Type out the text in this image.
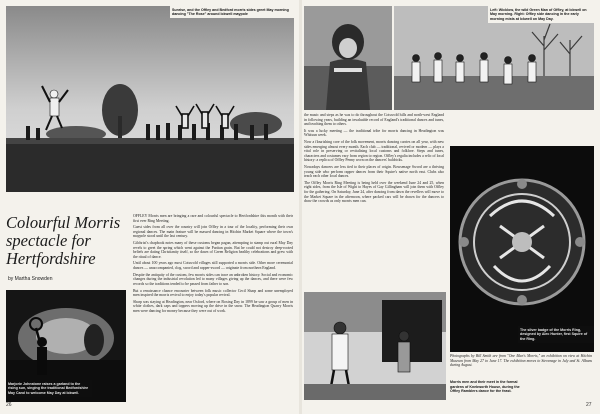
Sunrise, and the Offley and Bedford morris sides greet May morning dancing "The Rose" around Ickwell maypole
Colourful Morris spectacle for Hertfordshire
by Martha Snowden

OFFLEY Morris men are bringing a rare and colourful spectacle to Hertfordshire this month with their first ever Ring Meeting.

Guest sides from all over the country will join Offley in a tour of the locality, performing their own regional dances. The main feature will be massed dancing in Hitchin Market Square where the town's maypole stood until the last century.

Gilchrist's chapbook notes many of these customs began pagan, attempting to stamp out rural May Day revels to greet the spring which went against the Puritan grain. But he could not destroy deep-rooted beliefs are dating Christianity itself, so the dawn of Green Religion healthy celebrations and grew with the ritual of dance.

Until about 100 years ago most Cotswold villages still supported a morris side. Other more ceremonial dances — unaccompanied, clog, sword and rapper-sword — originate from northern England.

Despite the antiquity of the custom, few morris sides can trace an unbroken history. Social and economic changes during the industrial revolution led to many villages giving up the dances, and there were few records so the traditions tended to be passed from father to son.

But a renaissance chance encounter between folk music collector Cecil Sharp and some unemployed men inspired the morris revival to enjoy today's popular revival.

Sharp was staying at Headington, near Oxford, where on Boxing Day in 1899 he saw a group of men in white clothes, dark caps and toppers moving up the drive in the snow. The Headington Quarry Morris men were dancing for money because they were out of work.

Marjorie Johnstone raises a garland to the rising sun, singing the traditional Bedfordshire May Carol to welcome May Day at Ickwell.
26
Left: Wicklow, the wild Green Man of Offley, at Ickwell on May morning. Right: Offley side dancing in the early morning mists at Ickwell on May Day.

the music and steps as he was to do throughout the Cotswold hills and north-west England in following years, building an invaluable record of England's traditional dances and tunes, and teaching them to others.

It was a lucky meeting — the traditional tribe for morris dancing in Headington was Whitsun week.

Now a flourishing core of the folk movement, morris dancing carries on all year, with new sides emerging almost every month. Each club — traditional, revived or modern — plays a vital role in preserving or revitalising local customs and folklore. Steps and tunes, characters and costumes vary from region to region. Offley's regalia includes a relic of local history: a replica of Offley Penny worn on the dancers' baldricks.

Nowadays dancers are less tied to their places of origin. Bowsenage Sword are a thriving young side who perform rapper dances from their Squire's native north east. Clubs also teach each other local dances.

The Offley Morris Ring Meeting is being held over the weekend June 24 and 25, when eight sides, from the Isle of Wight to Hayes of Gay Gillingham will join them with Offley for the gathering. On Saturday, June 24, after dancing from dawn the revellers will move to the Market Square in the afternoon, where packed cars will be drawn for the dancers to draw the crowds as only morris men can.

The silver badge of the Morris Ring, designed by Alec Hunter, first Squire of the Ring.
Photographs by Bill Smith are from "One Man's Morris," an exhibition on view at Hitchin Museum from May 27 to June 17. The exhibition moves to Stevenage in July and St. Albans during August.
Morris men and their meet in the formal gardens of Knebworth House, during the Offley Ramblers dance for the feast.
27
